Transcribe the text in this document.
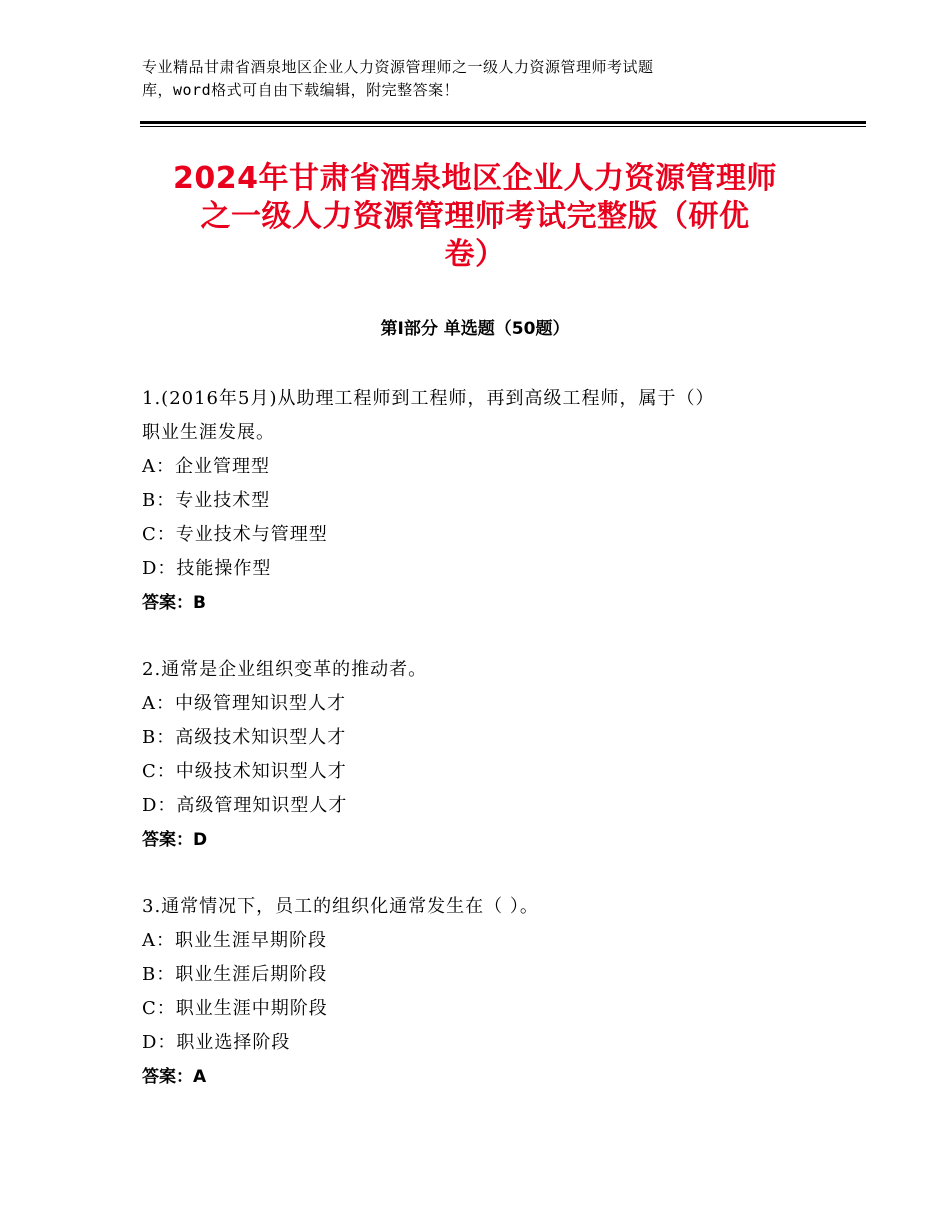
专业精品甘肃省酒泉地区企业人力资源管理师之一级人力资源管理师考试题
库，word格式可自由下载编辑，附完整答案！
2024年甘肃省酒泉地区企业人力资源管理师
之一级人力资源管理师考试完整版（研优
卷）
第Ⅰ部分 单选题（50题）

1.(2016年5月)从助理工程师到工程师，再到高级工程师，属于（）

职业生涯发展。

A：企业管理型

B：专业技术型

C：专业技术与管理型

D：技能操作型

答案：B

2.通常是企业组织变革的推动者。

A：中级管理知识型人才

B：高级技术知识型人才

C：中级技术知识型人才

D：高级管理知识型人才

答案：D

3.通常情况下，员工的组织化通常发生在（ ）。

A：职业生涯早期阶段

B：职业生涯后期阶段

C：职业生涯中期阶段

D：职业选择阶段

答案：A
